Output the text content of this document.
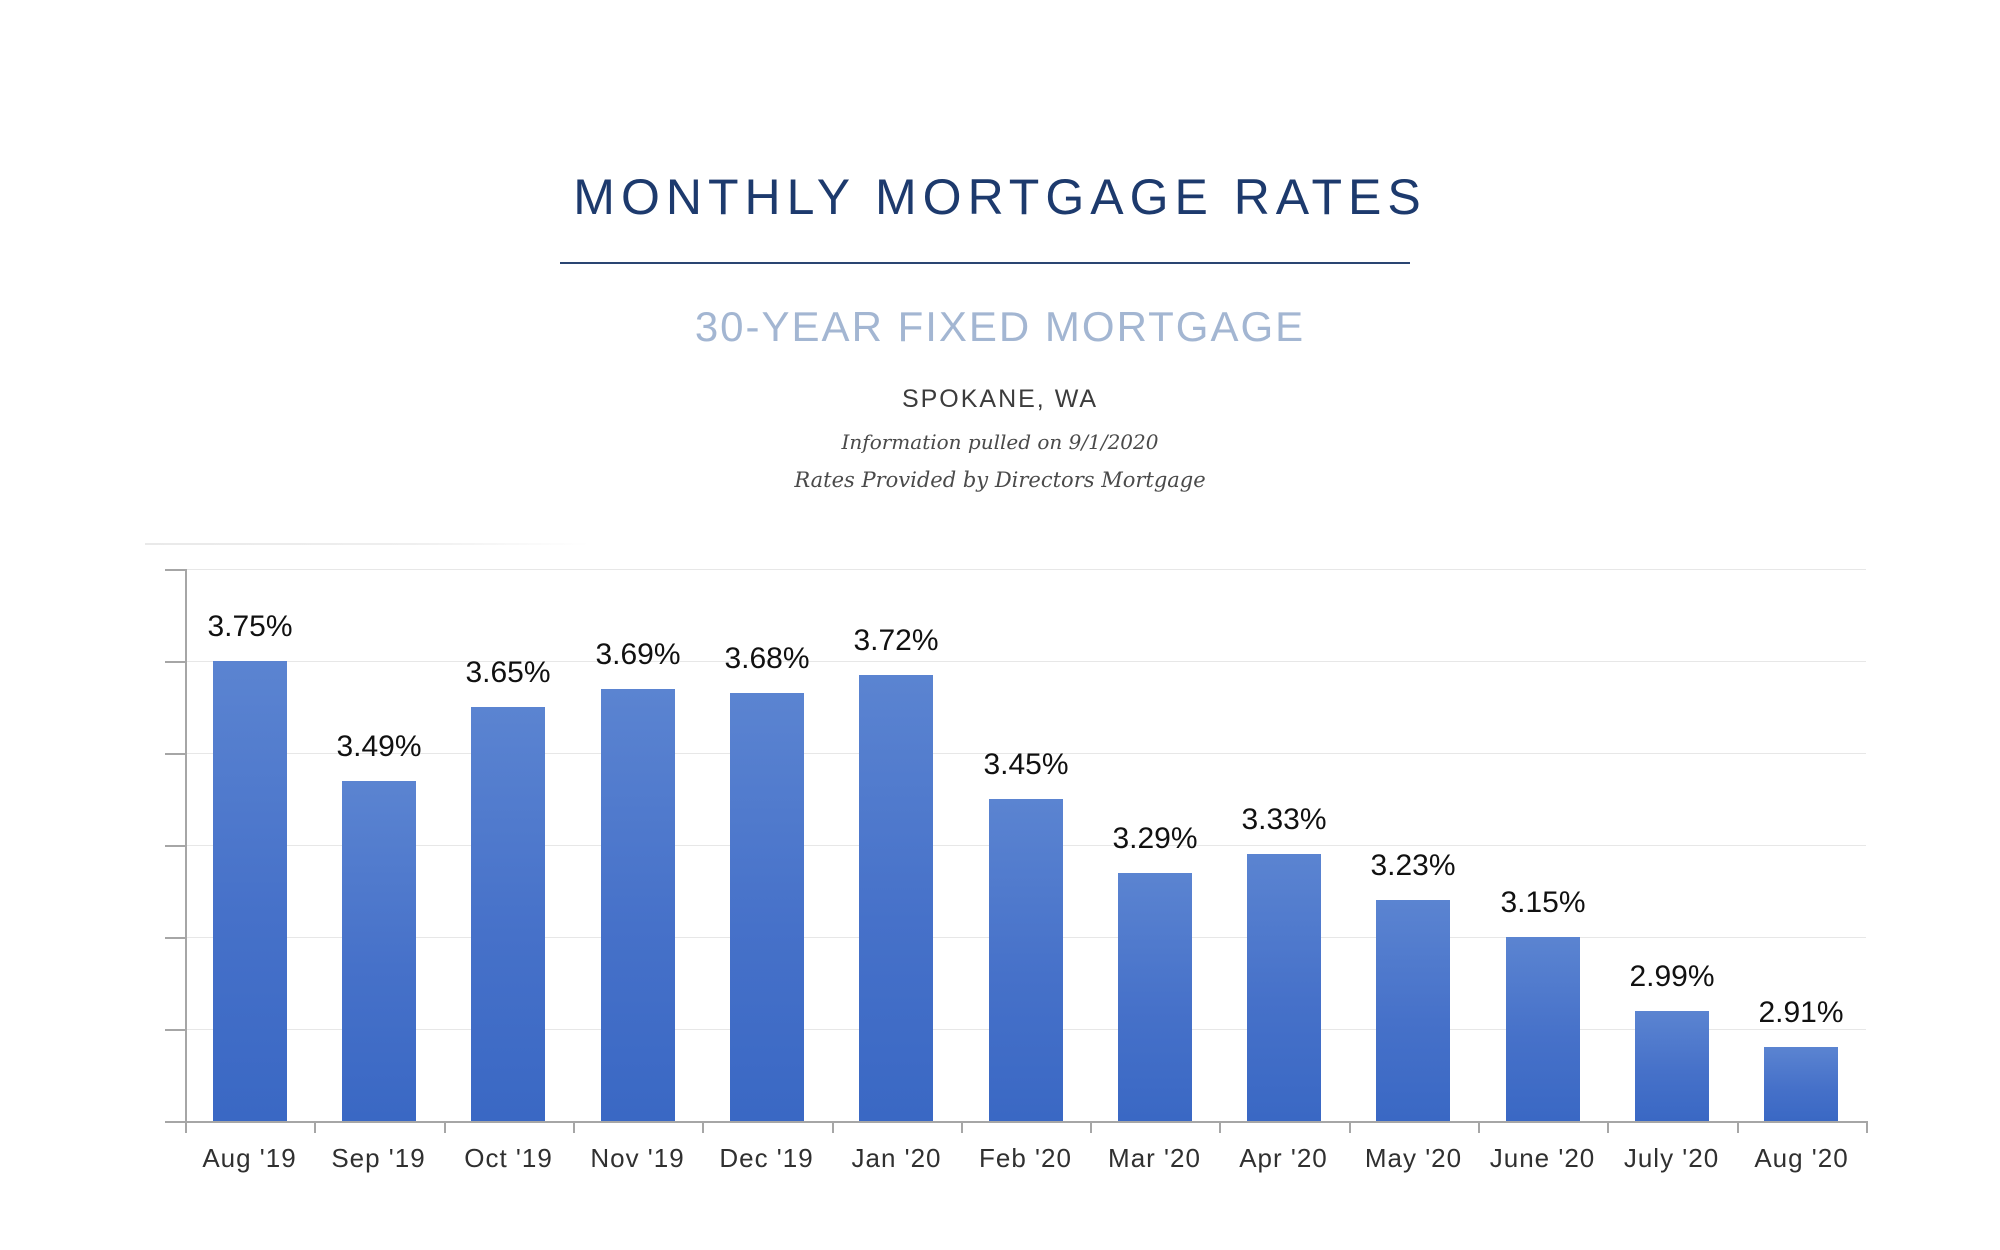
MONTHLY MORTGAGE RATES
30-YEAR FIXED MORTGAGE
SPOKANE, WA
Information pulled on 9/1/2020
Rates Provided by Directors Mortgage
3.75%
Aug '19
3.49%
Sep '19
3.65%
Oct '19
3.69%
Nov '19
3.68%
Dec '19
3.72%
Jan '20
3.45%
Feb '20
3.29%
Mar '20
3.33%
Apr '20
3.23%
May '20
3.15%
June '20
2.99%
July '20
2.91%
Aug '20
